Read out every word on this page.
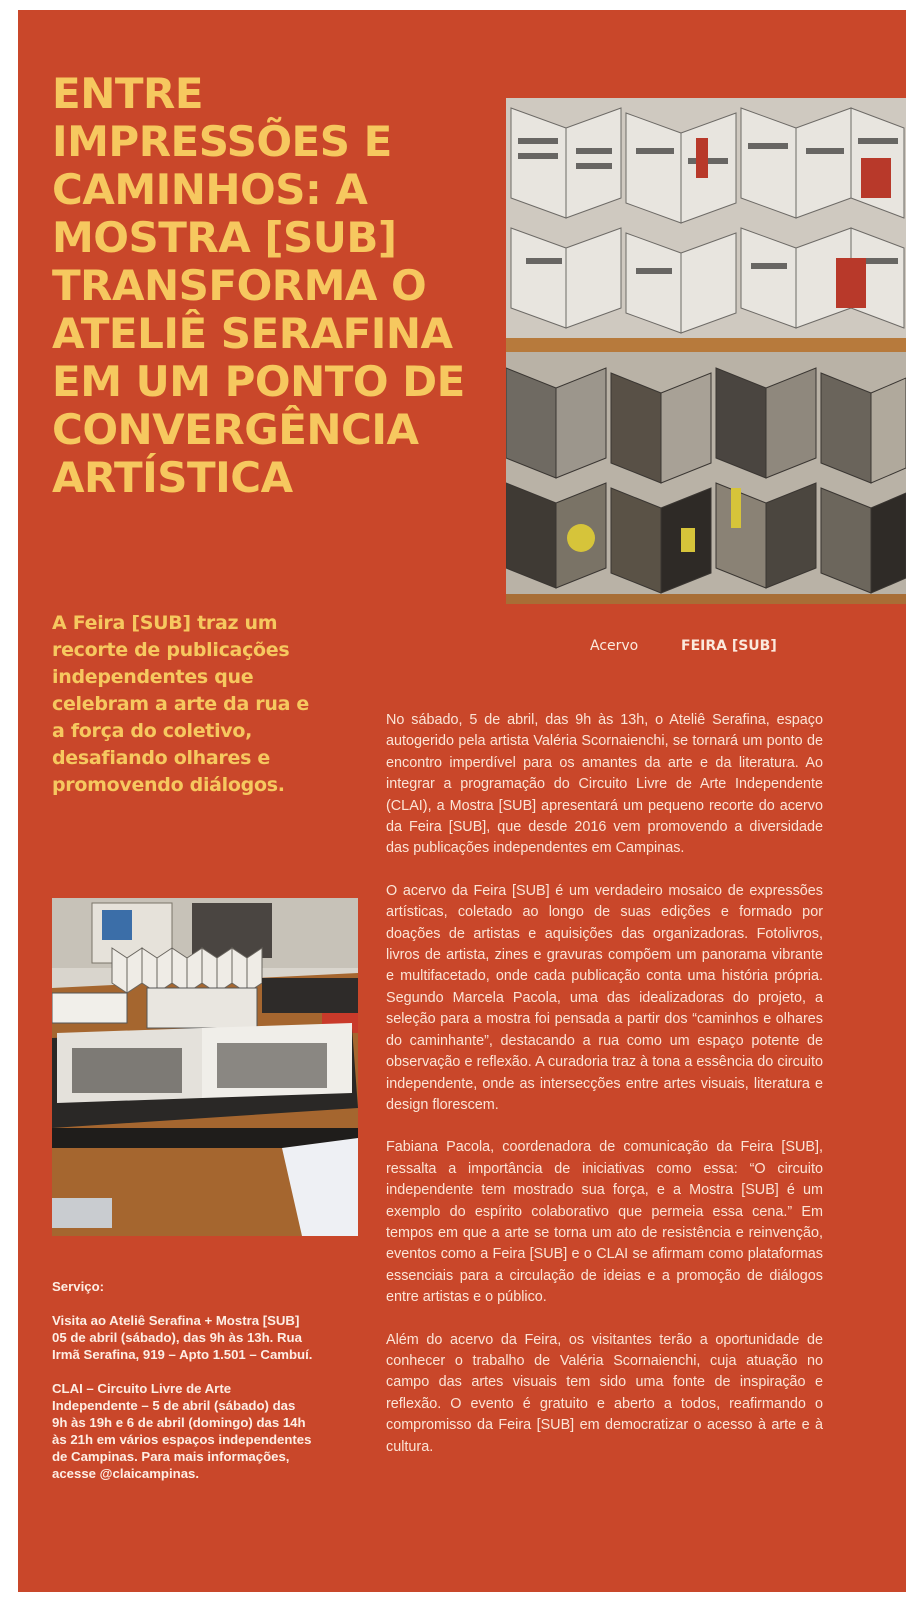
ENTRE IMPRESSÕES E CAMINHOS: A MOSTRA [SUB] TRANSFORMA O ATELIÊ SERAFINA EM UM PONTO DE CONVERGÊNCIA ARTÍSTICA
Acervo	FEIRA [SUB]

A Feira [SUB] traz um recorte de publicações independentes que celebram a arte da rua e a força do coletivo, desafiando olhares e promovendo diálogos.

No sábado, 5 de abril, das 9h às 13h, o Ateliê Serafina, espaço autogerido pela artista Valéria Scornaienchi, se tornará um ponto de encontro imperdível para os amantes da arte e da literatura. Ao integrar a programação do Circuito Livre de Arte Independente (CLAI), a Mostra [SUB] apresentará um pequeno recorte do acervo da Feira [SUB], que desde 2016 vem promovendo a diversidade das publicações independentes em Campinas.

O acervo da Feira [SUB] é um verdadeiro mosaico de expressões artísticas, coletado ao longo de suas edições e formado por doações de artistas e aquisições das organizadoras. Fotolivros, livros de artista, zines e gravuras compõem um panorama vibrante e multifacetado, onde cada publicação conta uma história própria. Segundo Marcela Pacola, uma das idealizadoras do projeto, a seleção para a mostra foi pensada a partir dos “caminhos e olhares do caminhante”, destacando a rua como um espaço potente de observação e reflexão. A curadoria traz à tona a essência do circuito independente, onde as intersecções entre artes visuais, literatura e design florescem.

Fabiana Pacola, coordenadora de comunicação da Feira [SUB], ressalta a importância de iniciativas como essa: “O circuito independente tem mostrado sua força, e a Mostra [SUB] é um exemplo do espírito colaborativo que permeia essa cena.” Em tempos em que a arte se torna um ato de resistência e reinvenção, eventos como a Feira [SUB] e o CLAI se afirmam como plataformas essenciais para a circulação de ideias e a promoção de diálogos entre artistas e o público.

Além do acervo da Feira, os visitantes terão a oportunidade de conhecer o trabalho de Valéria Scornaienchi, cuja atuação no campo das artes visuais tem sido uma fonte de inspiração e reflexão. O evento é gratuito e aberto a todos, reafirmando o compromisso da Feira [SUB] em democratizar o acesso à arte e à cultura.

Serviço:

Visita ao Ateliê Serafina + Mostra [SUB] 05 de abril (sábado), das 9h às 13h. Rua Irmã Serafina, 919 – Apto 1.501 – Cambuí.

CLAI – Circuito Livre de Arte Independente – 5 de abril (sábado) das 9h às 19h e 6 de abril (domingo) das 14h às 21h em vários espaços independentes de Campinas. Para mais informações, acesse @claicampinas.
